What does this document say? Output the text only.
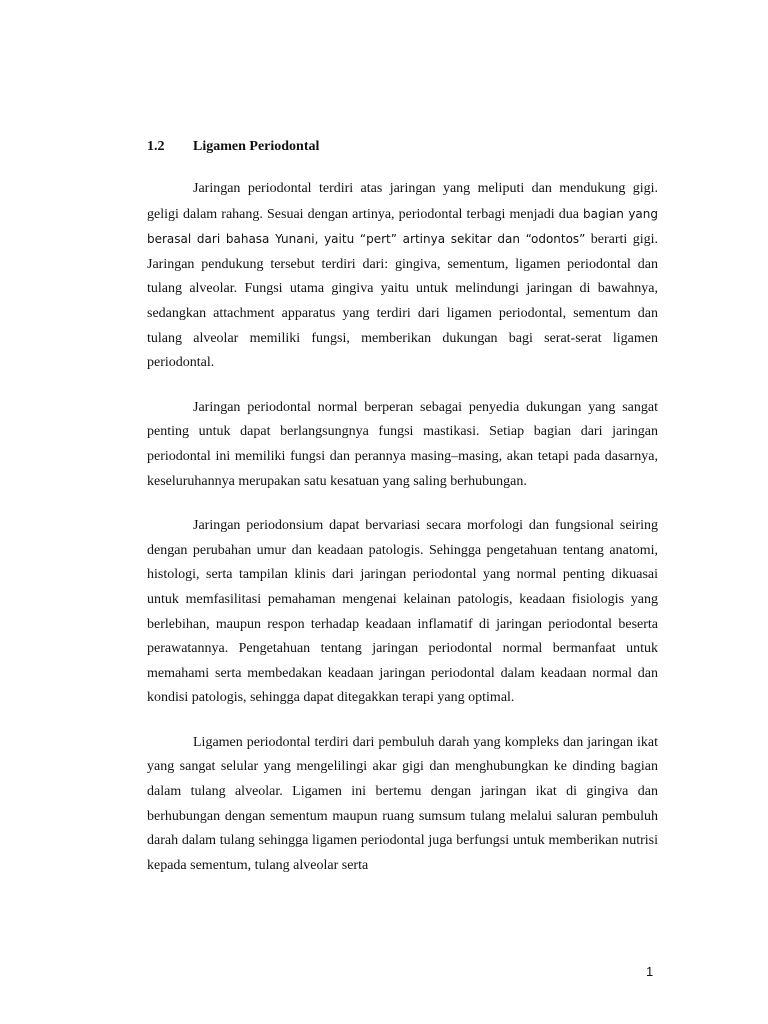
1.2 Ligamen Periodontal

Jaringan periodontal terdiri atas jaringan yang meliputi dan mendukung gigi. geligi dalam rahang. Sesuai dengan artinya, periodontal terbagi menjadi dua bagian yang berasal dari bahasa Yunani, yaitu “pert” artinya sekitar dan “odontos” berarti gigi. Jaringan pendukung tersebut terdiri dari: gingiva, sementum, ligamen periodontal dan tulang alveolar. Fungsi utama gingiva yaitu untuk melindungi jaringan di bawahnya, sedangkan attachment apparatus yang terdiri dari ligamen periodontal, sementum dan tulang alveolar memiliki fungsi, memberikan dukungan bagi serat-serat ligamen periodontal.

Jaringan periodontal normal berperan sebagai penyedia dukungan yang sangat penting untuk dapat berlangsungnya fungsi mastikasi. Setiap bagian dari jaringan periodontal ini memiliki fungsi dan perannya masing–masing, akan tetapi pada dasarnya, keseluruhannya merupakan satu kesatuan yang saling berhubungan.

Jaringan periodonsium dapat bervariasi secara morfologi dan fungsional seiring dengan perubahan umur dan keadaan patologis. Sehingga pengetahuan tentang anatomi, histologi, serta tampilan klinis dari jaringan periodontal yang normal penting dikuasai untuk memfasilitasi pemahaman mengenai kelainan patologis, keadaan fisiologis yang berlebihan, maupun respon terhadap keadaan inflamatif di jaringan periodontal beserta perawatannya. Pengetahuan tentang jaringan periodontal normal bermanfaat untuk memahami serta membedakan keadaan jaringan periodontal dalam keadaan normal dan kondisi patologis, sehingga dapat ditegakkan terapi yang optimal.

Ligamen periodontal terdiri dari pembuluh darah yang kompleks dan jaringan ikat yang sangat selular yang mengelilingi akar gigi dan menghubungkan ke dinding bagian dalam tulang alveolar. Ligamen ini bertemu dengan jaringan ikat di gingiva dan berhubungan dengan sementum maupun ruang sumsum tulang melalui saluran pembuluh darah dalam tulang sehingga ligamen periodontal juga berfungsi untuk memberikan nutrisi kepada sementum, tulang alveolar serta

1
